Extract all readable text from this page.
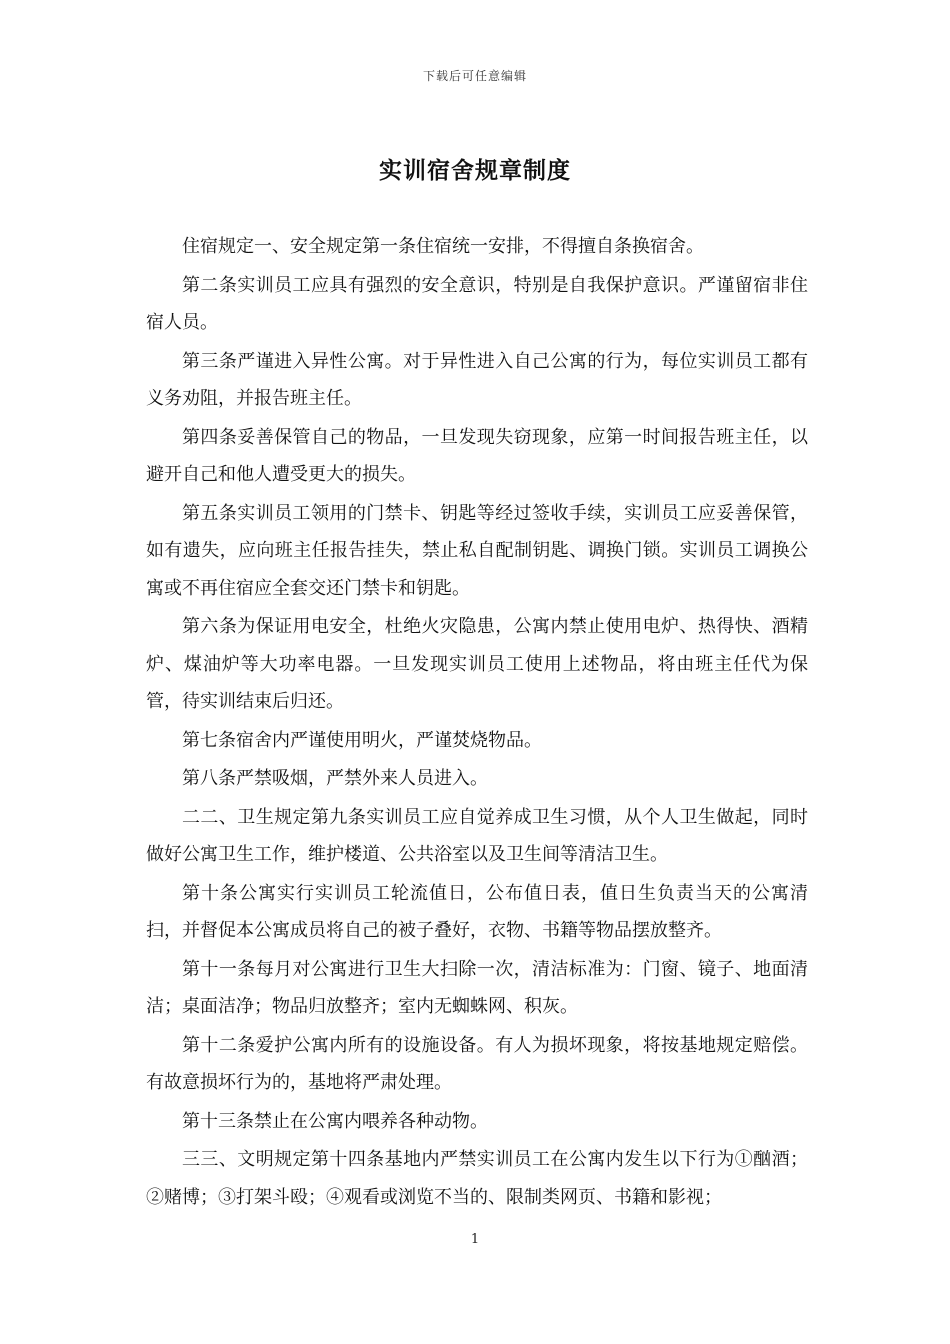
下载后可任意编辑
实训宿舍规章制度

住宿规定一、安全规定第一条住宿统一安排，不得擅自条换宿舍。

第二条实训员工应具有强烈的安全意识，特别是自我保护意识。严谨留宿非住宿人员。

第三条严谨进入异性公寓。对于异性进入自己公寓的行为，每位实训员工都有义务劝阻，并报告班主任。

第四条妥善保管自己的物品，一旦发现失窃现象，应第一时间报告班主任，以避开自己和他人遭受更大的损失。

第五条实训员工领用的门禁卡、钥匙等经过签收手续，实训员工应妥善保管，如有遗失，应向班主任报告挂失，禁止私自配制钥匙、调换门锁。实训员工调换公寓或不再住宿应全套交还门禁卡和钥匙。

第六条为保证用电安全，杜绝火灾隐患，公寓内禁止使用电炉、热得快、酒精炉、煤油炉等大功率电器。一旦发现实训员工使用上述物品，将由班主任代为保管，待实训结束后归还。

第七条宿舍内严谨使用明火，严谨焚烧物品。

第八条严禁吸烟，严禁外来人员进入。

二二、卫生规定第九条实训员工应自觉养成卫生习惯，从个人卫生做起，同时做好公寓卫生工作，维护楼道、公共浴室以及卫生间等清洁卫生。

第十条公寓实行实训员工轮流值日，公布值日表，值日生负责当天的公寓清扫，并督促本公寓成员将自己的被子叠好，衣物、书籍等物品摆放整齐。

第十一条每月对公寓进行卫生大扫除一次，清洁标准为：门窗、镜子、地面清洁；桌面洁净；物品归放整齐；室内无蜘蛛网、积灰。

第十二条爱护公寓内所有的设施设备。有人为损坏现象，将按基地规定赔偿。有故意损坏行为的，基地将严肃处理。

第十三条禁止在公寓内喂养各种动物。

三三、文明规定第十四条基地内严禁实训员工在公寓内发生以下行为①酗酒；②赌博；③打架斗殴；④观看或浏览不当的、限制类网页、书籍和影视；

1
